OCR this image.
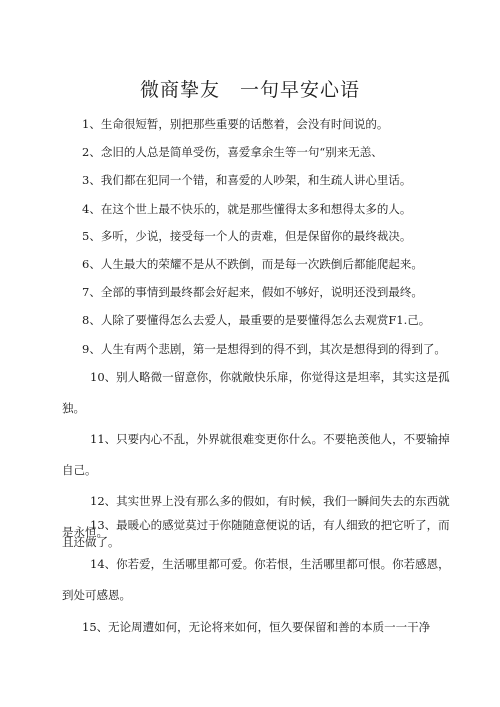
微商挚友　一句早安心语
1、生命很短暂，别把那些重要的话憋着，会没有时间说的。
2、念旧的人总是简单受伤，喜爱拿余生等一句“别来无恙、
3、我们都在犯同一个错，和喜爱的人吵架，和生疏人讲心里话。
4、在这个世上最不快乐的，就是那些懂得太多和想得太多的人。
5、多听，少说，接受每一个人的责难，但是保留你的最终裁决。
6、人生最大的荣耀不是从不跌倒，而是每一次跌倒后都能爬起来。
7、全部的事情到最终都会好起来，假如不够好，说明还没到最终。
8、人除了要懂得怎么去爱人，最重要的是要懂得怎么去观赏F1.己。
9、人生有两个悲剧，第一是想得到的得不到，其次是想得到的得到了。
10、别人略微一留意你，你就敞快乐扉，你觉得这是坦率，其实这是孤独。
11、只要内心不乱，外界就很难变更你什么。不要艳羡他人，不要输掉自己。
12、其实世界上没有那么多的假如，有时候，我们一瞬间失去的东西就是永恒。
13、最暖心的感觉莫过于你随随意便说的话，有人细致的把它听了，而且还做了。
14、你若爱，生活哪里都可爱。你若恨，生活哪里都可恨。你若感恩，到处可感恩。
15、无论周遭如何，无论将来如何，恒久要保留和善的本质一一干净
